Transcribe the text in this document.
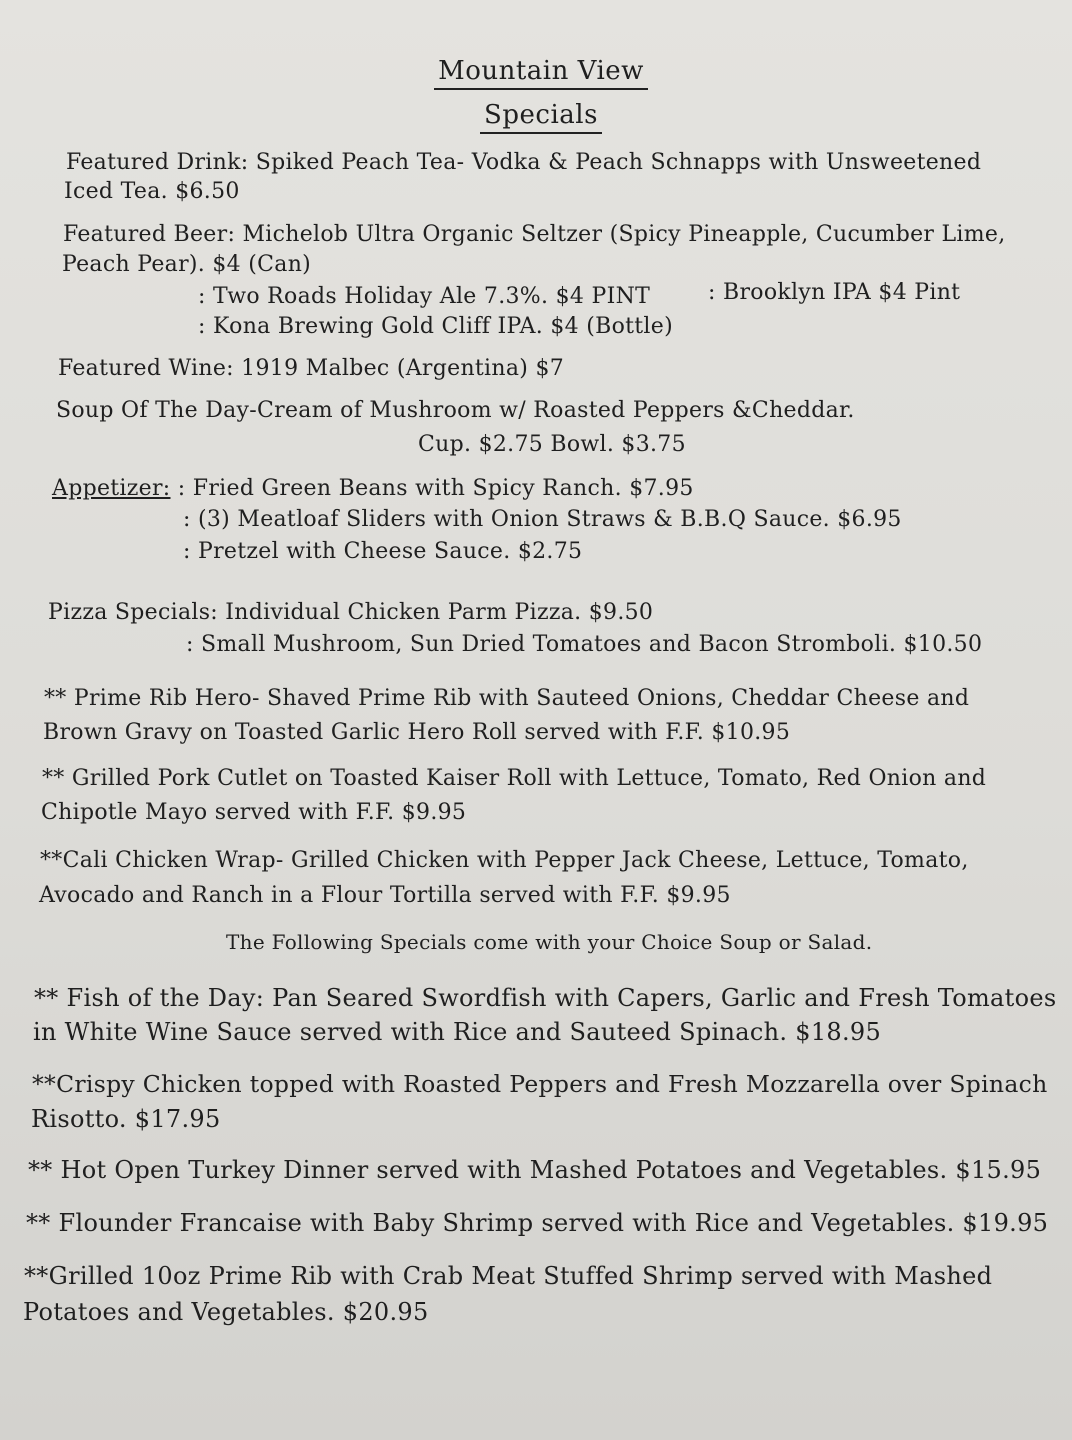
Mountain View
Specials
Featured Drink: Spiked Peach Tea- Vodka & Peach Schnapps with Unsweetened
Iced Tea. $6.50
Featured Beer: Michelob Ultra Organic Seltzer (Spicy Pineapple, Cucumber Lime,
Peach Pear). $4 (Can)
: Two Roads Holiday Ale 7.3%. $4 PINT	: Brooklyn IPA $4 Pint
: Kona Brewing Gold Cliff IPA. $4 (Bottle)
Featured Wine: 1919 Malbec (Argentina) $7
Soup Of The Day-Cream of Mushroom w/ Roasted Peppers &Cheddar.
Cup. $2.75 Bowl. $3.75
Appetizer: : Fried Green Beans with Spicy Ranch. $7.95
: (3) Meatloaf Sliders with Onion Straws & B.B.Q Sauce. $6.95
: Pretzel with Cheese Sauce. $2.75
Pizza Specials: Individual Chicken Parm Pizza. $9.50
: Small Mushroom, Sun Dried Tomatoes and Bacon Stromboli. $10.50
** Prime Rib Hero- Shaved Prime Rib with Sauteed Onions, Cheddar Cheese and
Brown Gravy on Toasted Garlic Hero Roll served with F.F. $10.95
** Grilled Pork Cutlet on Toasted Kaiser Roll with Lettuce, Tomato, Red Onion and
Chipotle Mayo served with F.F. $9.95
**Cali Chicken Wrap- Grilled Chicken with Pepper Jack Cheese, Lettuce, Tomato,
Avocado and Ranch in a Flour Tortilla served with F.F. $9.95
The Following Specials come with your Choice Soup or Salad.
** Fish of the Day: Pan Seared Swordfish with Capers, Garlic and Fresh Tomatoes
in White Wine Sauce served with Rice and Sauteed Spinach. $18.95
**Crispy Chicken topped with Roasted Peppers and Fresh Mozzarella over Spinach
Risotto. $17.95
** Hot Open Turkey Dinner served with Mashed Potatoes and Vegetables. $15.95
** Flounder Francaise with Baby Shrimp served with Rice and Vegetables. $19.95
**Grilled 10oz Prime Rib with Crab Meat Stuffed Shrimp served with Mashed
Potatoes and Vegetables. $20.95
